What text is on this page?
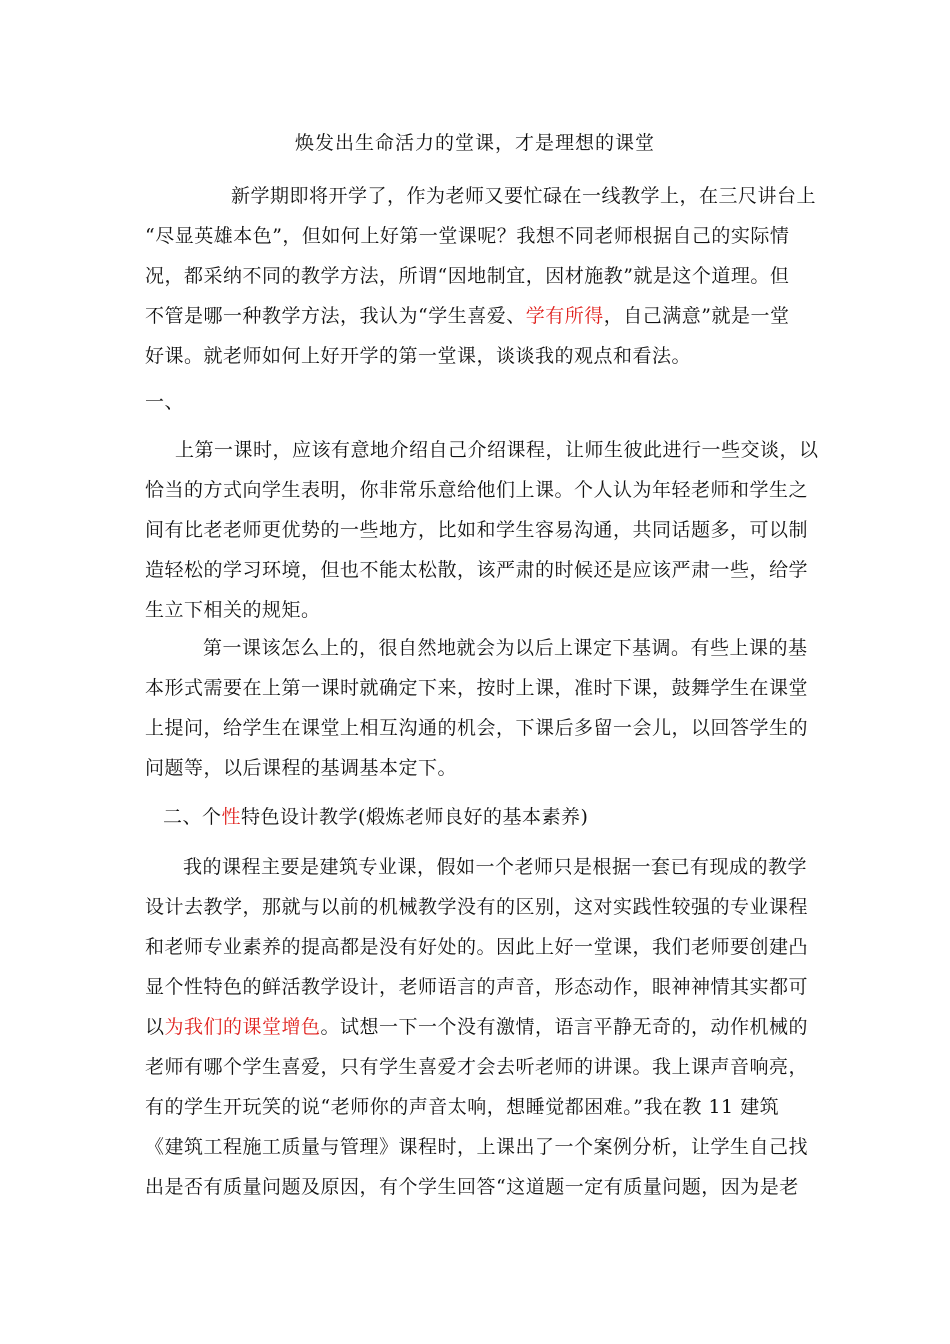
焕发出生命活力的堂课，才是理想的课堂
新学期即将开学了，作为老师又要忙碌在一线教学上，在三尺讲台上
“尽显英雄本色”，但如何上好第一堂课呢？我想不同老师根据自己的实际情
况，都采纳不同的教学方法，所谓“因地制宜，因材施教”就是这个道理。但
不管是哪一种教学方法，我认为“学生喜爱、学有所得，自己满意”就是一堂
好课。就老师如何上好开学的第一堂课，谈谈我的观点和看法。
一、
上第一课时，应该有意地介绍自己介绍课程，让师生彼此进行一些交谈，以
恰当的方式向学生表明，你非常乐意给他们上课。个人认为年轻老师和学生之
间有比老老师更优势的一些地方，比如和学生容易沟通，共同话题多，可以制
造轻松的学习环境，但也不能太松散，该严肃的时候还是应该严肃一些，给学
生立下相关的规矩。
第一课该怎么上的，很自然地就会为以后上课定下基调。有些上课的基
本形式需要在上第一课时就确定下来，按时上课，准时下课，鼓舞学生在课堂
上提问，给学生在课堂上相互沟通的机会，下课后多留一会儿，以回答学生的
问题等，以后课程的基调基本定下。
二、个性特色设计教学(煅炼老师良好的基本素养)
我的课程主要是建筑专业课，假如一个老师只是根据一套已有现成的教学
设计去教学，那就与以前的机械教学没有的区别，这对实践性较强的专业课程
和老师专业素养的提高都是没有好处的。因此上好一堂课，我们老师要创建凸
显个性特色的鲜活教学设计，老师语言的声音，形态动作，眼神神情其实都可
以为我们的课堂增色。试想一下一个没有激情，语言平静无奇的，动作机械的
老师有哪个学生喜爱，只有学生喜爱才会去听老师的讲课。我上课声音响亮，
有的学生开玩笑的说“老师你的声音太响，想睡觉都困难。”我在教 11 建筑
《建筑工程施工质量与管理》课程时，上课出了一个案例分析，让学生自己找
出是否有质量问题及原因，有个学生回答“这道题一定有质量问题，因为是老
